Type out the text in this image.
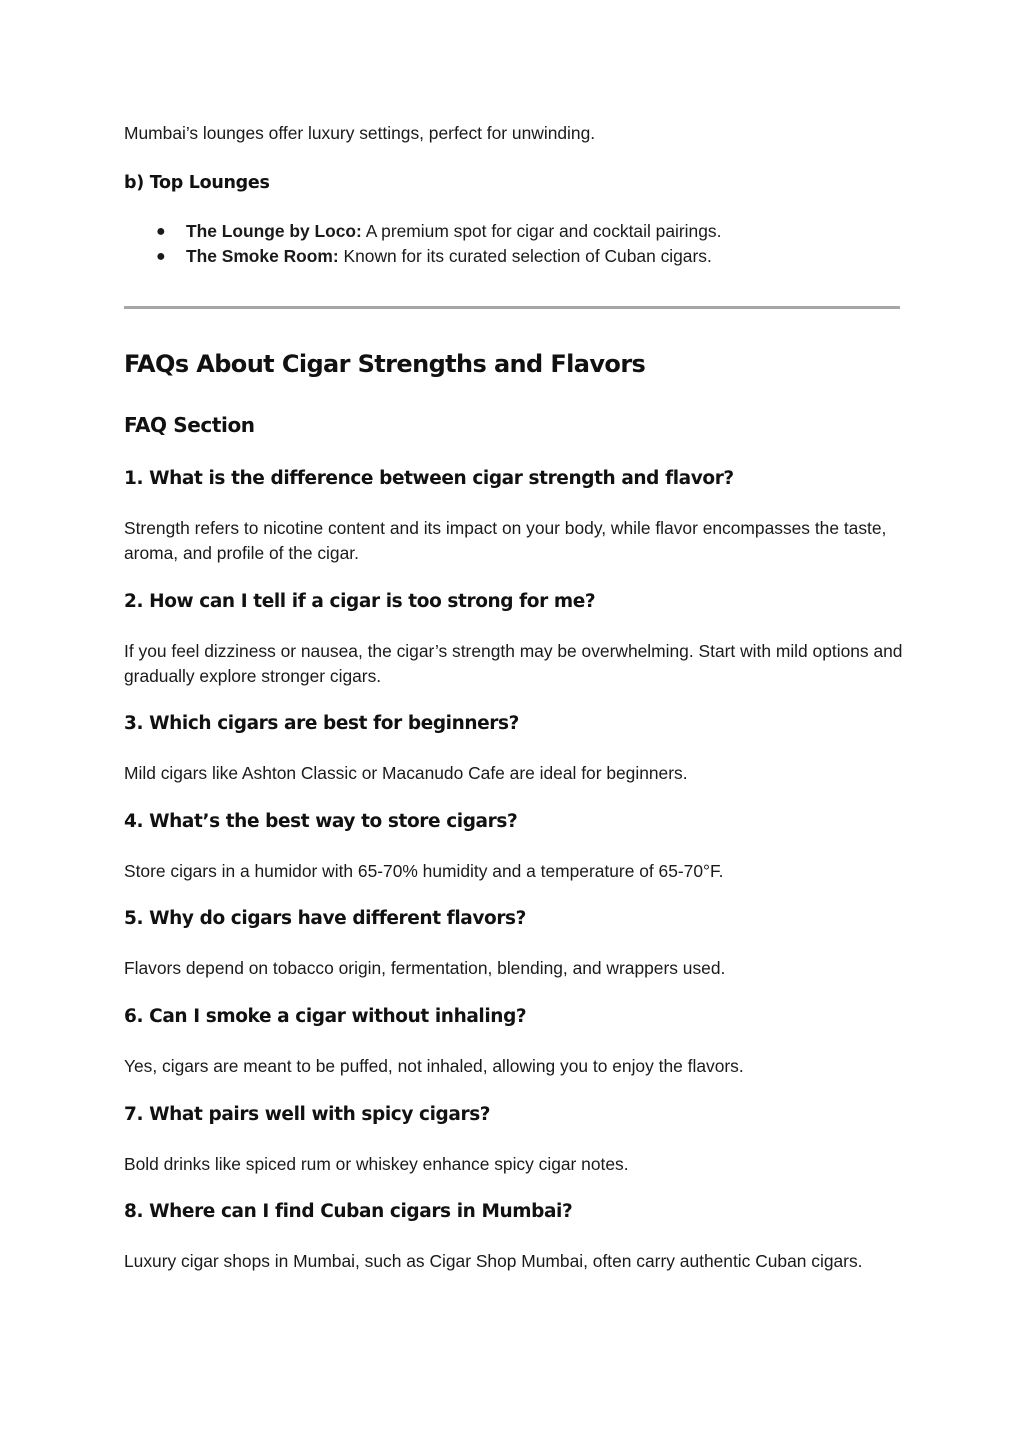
Mumbai’s lounges offer luxury settings, perfect for unwinding.

b) Top Lounges
● The Lounge by Loco: A premium spot for cigar and cocktail pairings.
● The Smoke Room: Known for its curated selection of Cuban cigars.
FAQs About Cigar Strengths and Flavors
FAQ Section
1. What is the difference between cigar strength and flavor?

Strength refers to nicotine content and its impact on your body, while flavor encompasses the taste, aroma, and profile of the cigar.

2. How can I tell if a cigar is too strong for me?

If you feel dizziness or nausea, the cigar’s strength may be overwhelming. Start with mild options and gradually explore stronger cigars.

3. Which cigars are best for beginners?

Mild cigars like Ashton Classic or Macanudo Cafe are ideal for beginners.

4. What’s the best way to store cigars?

Store cigars in a humidor with 65-70% humidity and a temperature of 65-70°F.

5. Why do cigars have different flavors?

Flavors depend on tobacco origin, fermentation, blending, and wrappers used.

6. Can I smoke a cigar without inhaling?

Yes, cigars are meant to be puffed, not inhaled, allowing you to enjoy the flavors.

7. What pairs well with spicy cigars?

Bold drinks like spiced rum or whiskey enhance spicy cigar notes.

8. Where can I find Cuban cigars in Mumbai?

Luxury cigar shops in Mumbai, such as Cigar Shop Mumbai, often carry authentic Cuban cigars.
